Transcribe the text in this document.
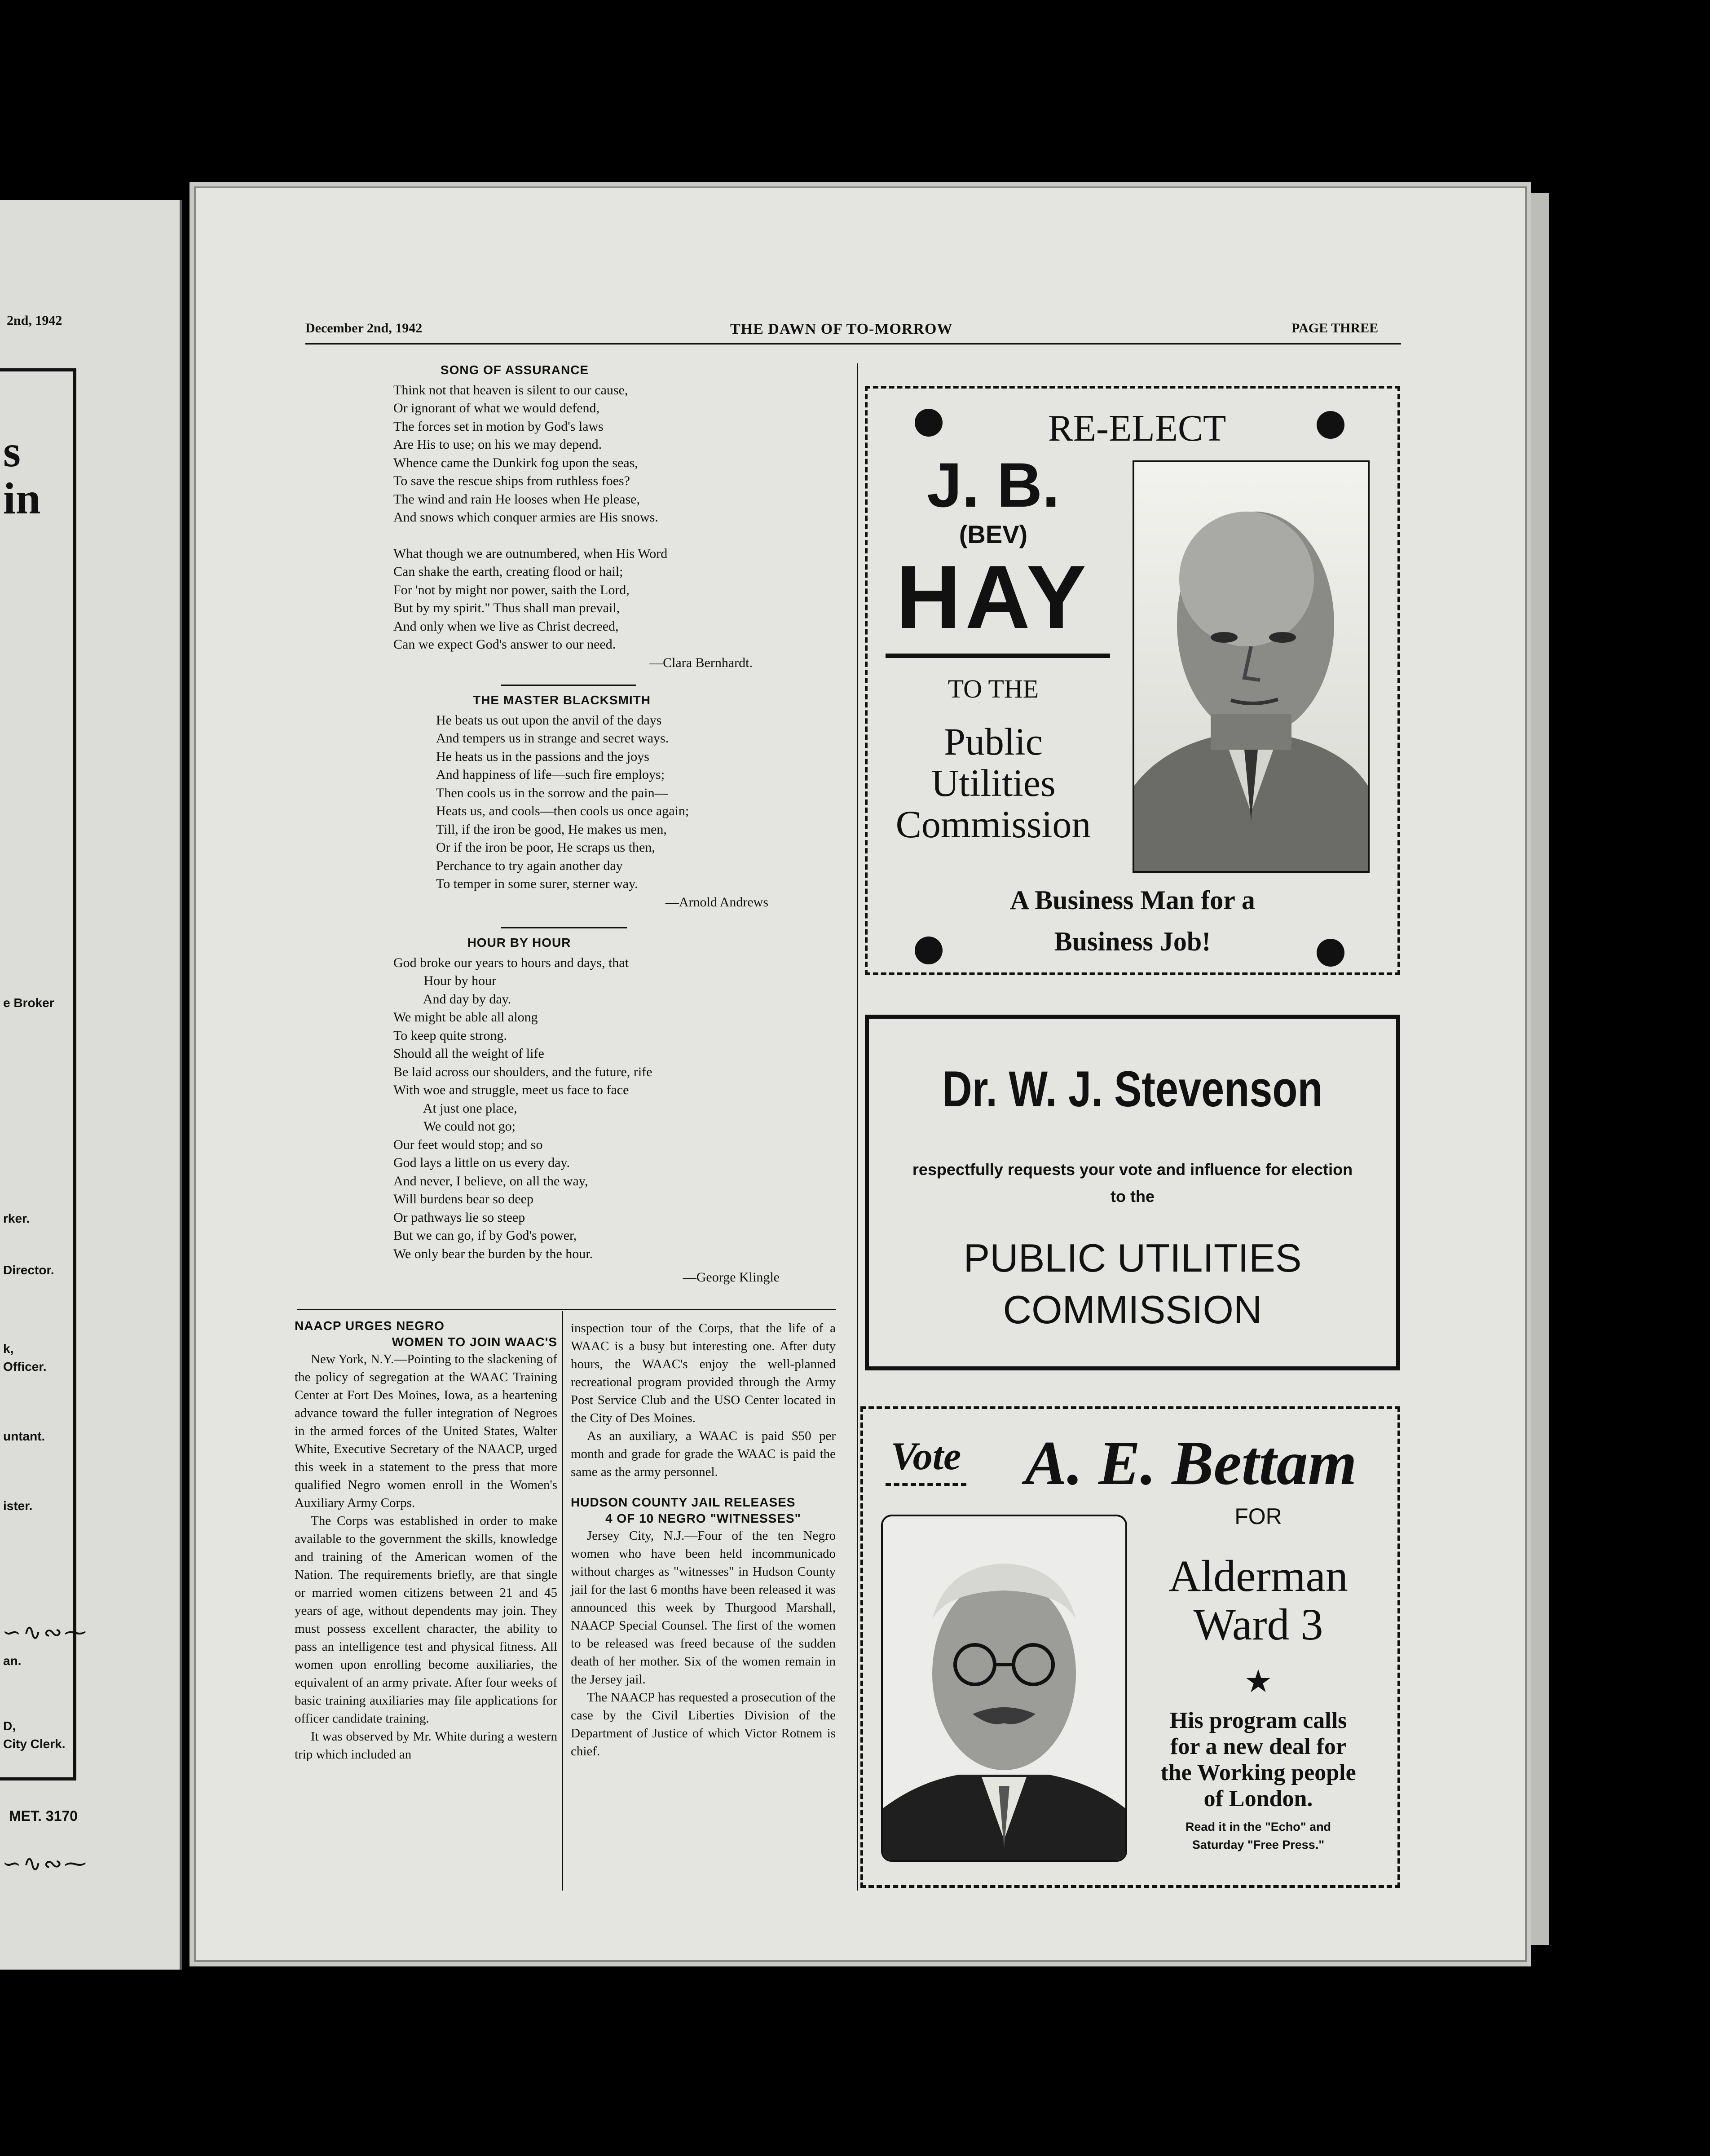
2nd, 1942
s
in
e Broker
rker.
Director.
k,
Officer.
untant.
ister.
an.
D,
City Clerk.
∽∿∾⁓
MET. 3170
∽∿∾⁓
December 2nd, 1942	THE DAWN OF TO-MORROW	PAGE THREE
SONG OF ASSURANCE

Think not that heaven is silent to our cause,
Or ignorant of what we would defend,
The forces set in motion by God's laws
Are His to use; on his we may depend.
Whence came the Dunkirk fog upon the seas,
To save the rescue ships from ruthless foes?
The wind and rain He looses when He please,
And snows which conquer armies are His snows.

What though we are outnumbered, when His Word
Can shake the earth, creating flood or hail;
For 'not by might nor power, saith the Lord,
But by my spirit." Thus shall man prevail,
And only when we live as Christ decreed,
Can we expect God's answer to our need.

—Clara Bernhardt.

THE MASTER BLACKSMITH

He beats us out upon the anvil of the days
And tempers us in strange and secret ways.
He heats us in the passions and the joys
And happiness of life—such fire employs;
Then cools us in the sorrow and the pain—
Heats us, and cools—then cools us once again;
Till, if the iron be good, He makes us men,
Or if the iron be poor, He scraps us then,
Perchance to try again another day
To temper in some surer, sterner way.

—Arnold Andrews

HOUR BY HOUR

God broke our years to hours and days, that
Hour by hour
And day by day.
We might be able all along
To keep quite strong.
Should all the weight of life
Be laid across our shoulders, and the future, rife
With woe and struggle, meet us face to face
At just one place,
We could not go;
Our feet would stop; and so
God lays a little on us every day.
And never, I believe, on all the way,
Will burdens bear so deep
Or pathways lie so steep
But we can go, if by God's power,
We only bear the burden by the hour.

—George Klingle

NAACP URGES NEGRO
WOMEN TO JOIN WAAC'S

New York, N.Y.—Pointing to the slackening of the policy of segregation at the WAAC Training Center at Fort Des Moines, Iowa, as a heartening advance toward the fuller integration of Negroes in the armed forces of the United States, Walter White, Executive Secretary of the NAACP, urged this week in a statement to the press that more qualified Negro women enroll in the Women's Auxiliary Army Corps.

The Corps was established in order to make available to the government the skills, knowledge and training of the American women of the Nation. The requirements briefly, are that single or married women citizens between 21 and 45 years of age, without dependents may join. They must possess excellent character, the ability to pass an intelligence test and physical fitness. All women upon enrolling become auxiliaries, the equivalent of an army private. After four weeks of basic training auxiliaries may file applications for officer candidate training.

It was observed by Mr. White during a western trip which included an

inspection tour of the Corps, that the life of a WAAC is a busy but interesting one. After duty hours, the WAAC's enjoy the well-planned recreational program provided through the Army Post Service Club and the USO Center located in the City of Des Moines.

As an auxiliary, a WAAC is paid $50 per month and grade for grade the WAAC is paid the same as the army personnel.

HUDSON COUNTY JAIL RELEASES
4 OF 10 NEGRO "WITNESSES"

Jersey City, N.J.—Four of the ten Negro women who have been held incommunicado without charges as "witnesses" in Hudson County jail for the last 6 months have been released it was announced this week by Thurgood Marshall, NAACP Special Counsel. The first of the women to be released was freed because of the sudden death of her mother. Six of the women remain in the Jersey jail.

The NAACP has requested a prosecution of the case by the Civil Liberties Division of the Department of Justice of which Victor Rotnem is chief.

RE-ELECT
J. B.
(BEV)
HAY
TO THE
Public
Utilities
Commission
A Business Man for a
Business Job!
Dr. W. J. Stevenson
respectfully requests your vote and influence for election
to the
PUBLIC UTILITIES
COMMISSION
Vote	A. E. Bettam
FOR
Alderman
Ward 3
★
His program calls
for a new deal for
the Working people
of London.
Read it in the "Echo" and
Saturday "Free Press."
